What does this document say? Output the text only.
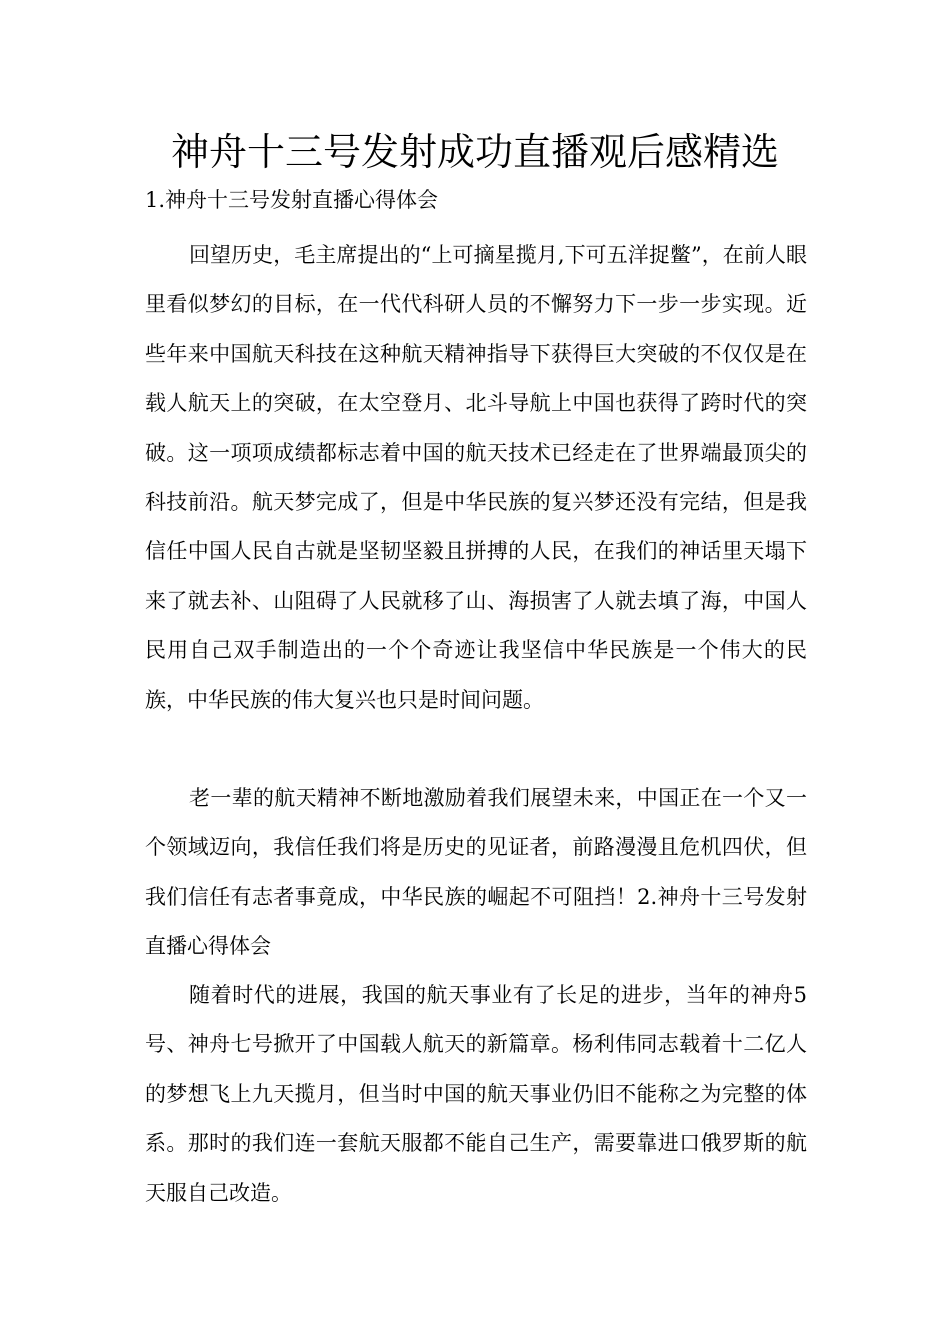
神舟十三号发射成功直播观后感精选

1.神舟十三号发射直播心得体会

回望历史，毛主席提出的“上可摘星揽月,下可五洋捉鳖”，在前人眼里看似梦幻的目标，在一代代科研人员的不懈努力下一步一步实现。近些年来中国航天科技在这种航天精神指导下获得巨大突破的不仅仅是在载人航天上的突破，在太空登月、北斗导航上中国也获得了跨时代的突破。这一项项成绩都标志着中国的航天技术已经走在了世界端最顶尖的科技前沿。航天梦完成了，但是中华民族的复兴梦还没有完结，但是我信任中国人民自古就是坚韧坚毅且拼搏的人民，在我们的神话里天塌下来了就去补、山阻碍了人民就移了山、海损害了人就去填了海，中国人民用自己双手制造出的一个个奇迹让我坚信中华民族是一个伟大的民族，中华民族的伟大复兴也只是时间问题。

老一辈的航天精神不断地激励着我们展望未来，中国正在一个又一个领域迈向，我信任我们将是历史的见证者，前路漫漫且危机四伏，但我们信任有志者事竟成，中华民族的崛起不可阻挡！2.神舟十三号发射直播心得体会

随着时代的进展，我国的航天事业有了长足的进步，当年的神舟5号、神舟七号掀开了中国载人航天的新篇章。杨利伟同志载着十二亿人的梦想飞上九天揽月，但当时中国的航天事业仍旧不能称之为完整的体系。那时的我们连一套航天服都不能自己生产，需要靠进口俄罗斯的航天服自己改造。
